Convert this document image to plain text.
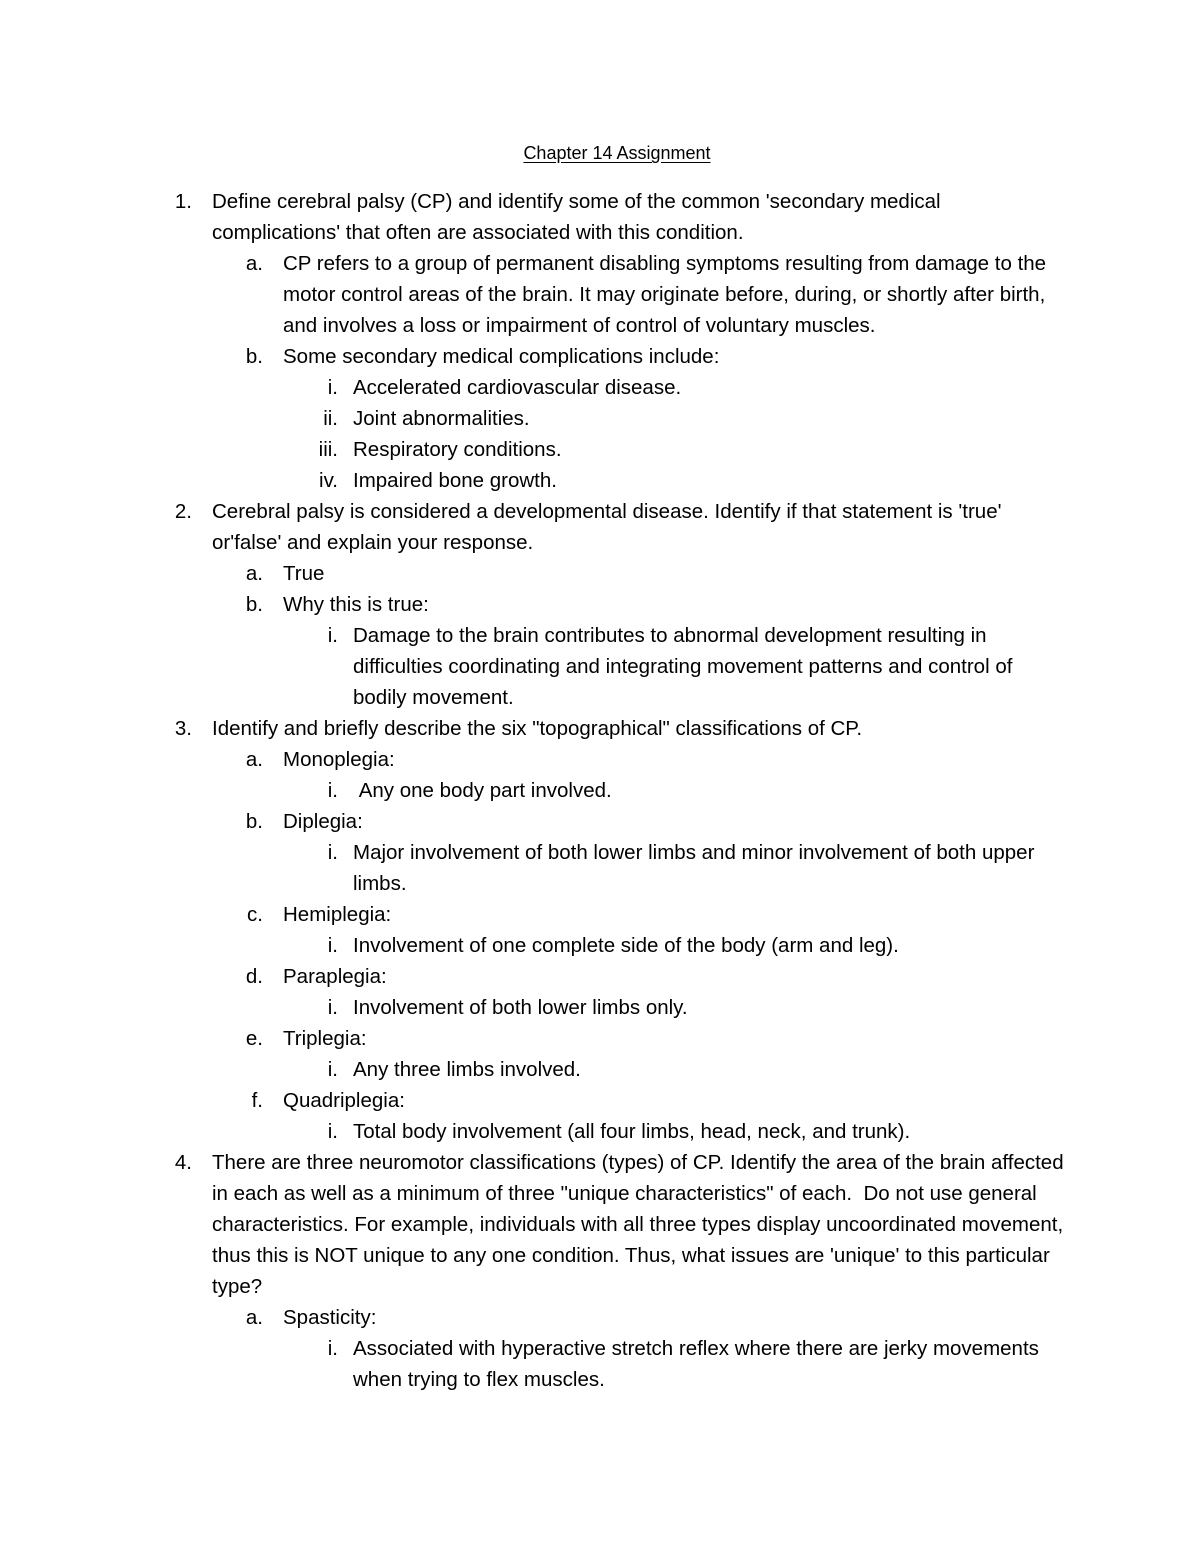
Chapter 14 Assignment
1. Define cerebral palsy (CP) and identify some of the common 'secondary medical complications' that often are associated with this condition.
a. CP refers to a group of permanent disabling symptoms resulting from damage to the motor control areas of the brain. It may originate before, during, or shortly after birth, and involves a loss or impairment of control of voluntary muscles.
b. Some secondary medical complications include:
i. Accelerated cardiovascular disease.
ii. Joint abnormalities.
iii. Respiratory conditions.
iv. Impaired bone growth.
2. Cerebral palsy is considered a developmental disease. Identify if that statement is 'true' or'false' and explain your response.
a. True
b. Why this is true:
i. Damage to the brain contributes to abnormal development resulting in difficulties coordinating and integrating movement patterns and control of bodily movement.
3. Identify and briefly describe the six "topographical" classifications of CP.
a. Monoplegia:
i. Any one body part involved.
b. Diplegia:
i. Major involvement of both lower limbs and minor involvement of both upper limbs.
c. Hemiplegia:
i. Involvement of one complete side of the body (arm and leg).
d. Paraplegia:
i. Involvement of both lower limbs only.
e. Triplegia:
i. Any three limbs involved.
f. Quadriplegia:
i. Total body involvement (all four limbs, head, neck, and trunk).
4. There are three neuromotor classifications (types) of CP. Identify the area of the brain affected in each as well as a minimum of three "unique characteristics" of each.  Do not use general characteristics. For example, individuals with all three types display uncoordinated movement, thus this is NOT unique to any one condition. Thus, what issues are 'unique' to this particular type?
a. Spasticity:
i. Associated with hyperactive stretch reflex where there are jerky movements when trying to flex muscles.
